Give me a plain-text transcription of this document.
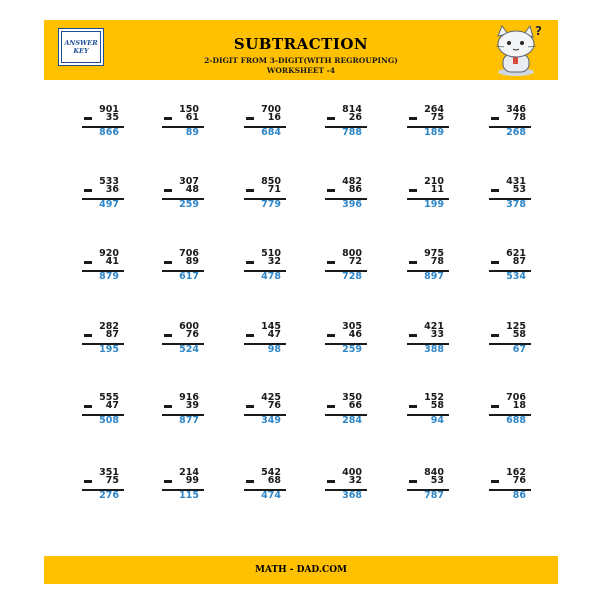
ANSWER KEY	SUBTRACTION
2-DIGIT FROM 3-DIGIT(WITH REGROUPING)
WORKSHEET -4
?
901
35
866
150
61
89
700
16
684
814
26
788
264
75
189
346
78
268
533
36
497
307
48
259
850
71
779
482
86
396
210
11
199
431
53
378
920
41
879
706
89
617
510
32
478
800
72
728
975
78
897
621
87
534
282
87
195
600
76
524
145
47
98
305
46
259
421
33
388
125
58
67
555
47
508
916
39
877
425
76
349
350
66
284
152
58
94
706
18
688
351
75
276
214
99
115
542
68
474
400
32
368
840
53
787
162
76
86
MATH - DAD.COM
